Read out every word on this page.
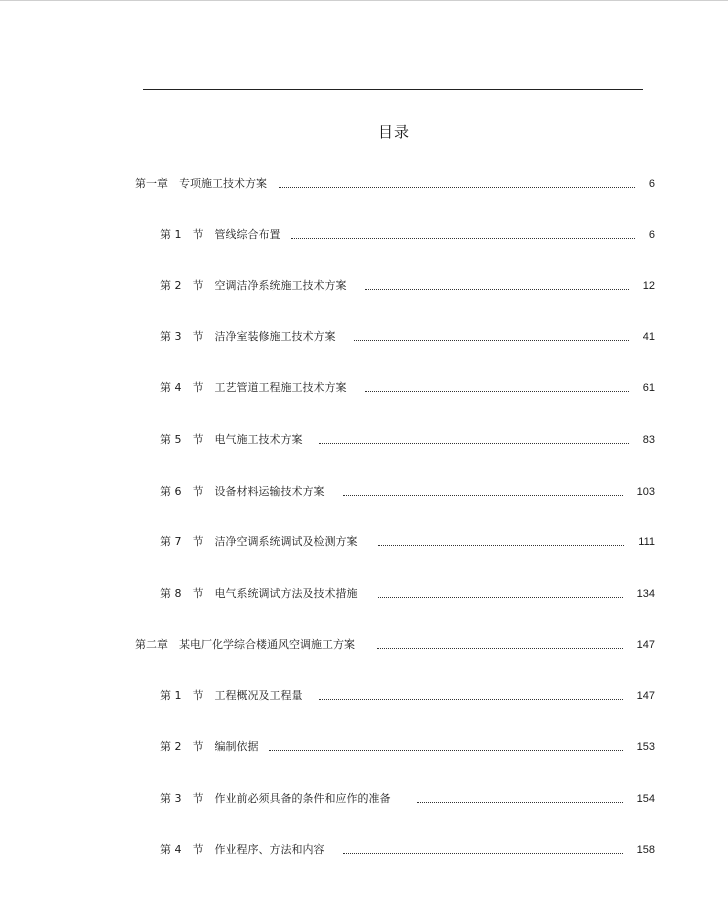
目录
第一章　专项施工技术方案	6
第 1　节　管线综合布置	6
第 2　节　空调洁净系统施工技术方案	12
第 3　节　洁净室装修施工技术方案	41
第 4　节　工艺管道工程施工技术方案	61
第 5　节　电气施工技术方案	83
第 6　节　设备材料运输技术方案	103
第 7　节　洁净空调系统调试及检测方案	111
第 8　节　电气系统调试方法及技术措施	134
第二章　某电厂化学综合楼通风空调施工方案	147
第 1　节　工程概况及工程量	147
第 2　节　编制依据	153
第 3　节　作业前必须具备的条件和应作的准备	154
第 4　节　作业程序、方法和内容	158
